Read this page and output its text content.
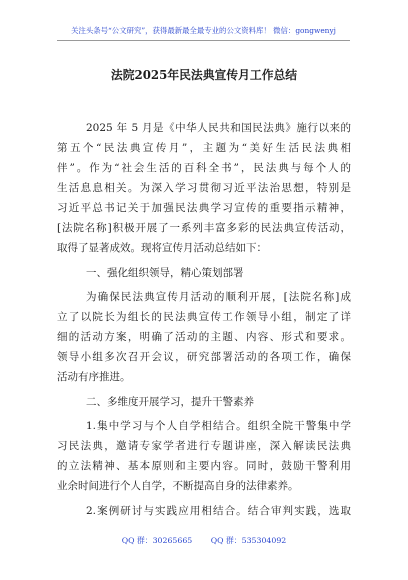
关注头条号“公文研究”，获得最新最全最专业的公文资料库！ 微信：gongwenyj
法院2025年民法典宣传月工作总结
2025 年 5 月是《中华人民共和国民法典》施行以来的
第五个“民法典宣传月”，主题为“美好生活民法典相
伴”。作为“社会生活的百科全书”，民法典与每个人的
生活息息相关。为深入学习贯彻习近平法治思想，特别是
习近平总书记关于加强民法典学习宣传的重要指示精神，
[法院名称]积极开展了一系列丰富多彩的民法典宣传活动，
取得了显著成效。现将宣传月活动总结如下：
一、强化组织领导，精心策划部署
为确保民法典宣传月活动的顺利开展，[法院名称]成
立了以院长为组长的民法典宣传工作领导小组，制定了详
细的活动方案，明确了活动的主题、内容、形式和要求。
领导小组多次召开会议，研究部署活动的各项工作，确保
活动有序推进。
二、多维度开展学习，提升干警素养
1.集中学习与个人自学相结合。组织全院干警集中学
习民法典，邀请专家学者进行专题讲座，深入解读民法典
的立法精神、基本原则和主要内容。同时，鼓励干警利用
业余时间进行个人自学，不断提高自身的法律素养。
2.案例研讨与实践应用相结合。结合审判实践，选取
QQ 群：30265665 QQ 群：535304092
